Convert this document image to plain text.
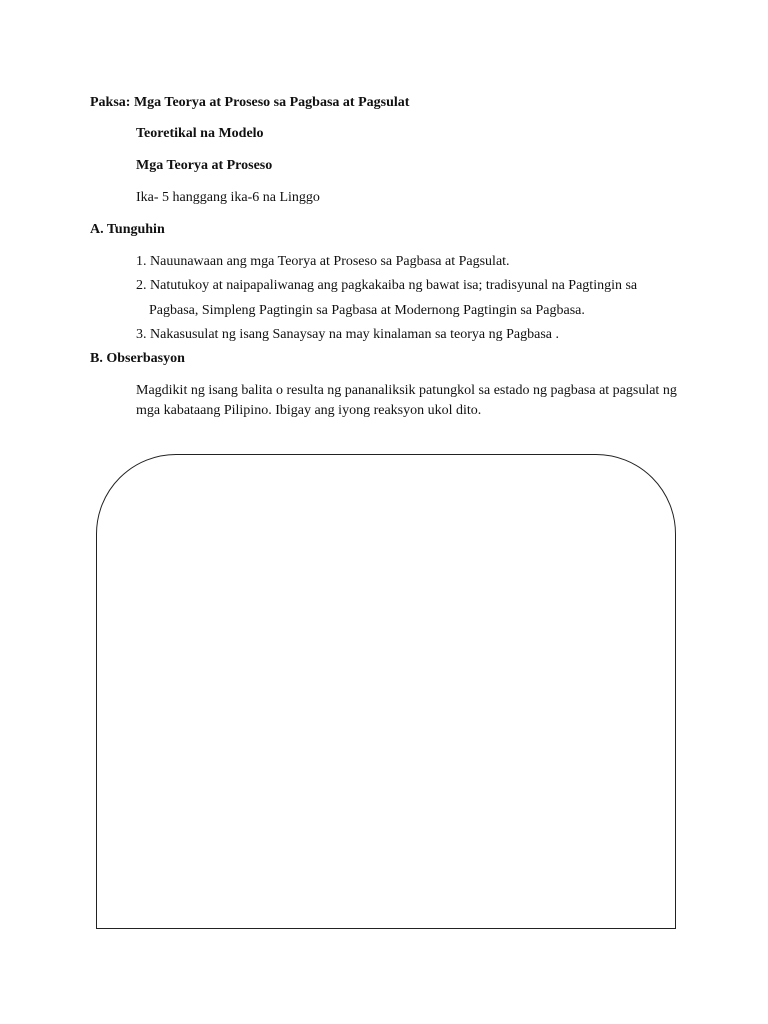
Paksa: Mga Teorya at Proseso sa Pagbasa at Pagsulat
Teoretikal na Modelo
Mga Teorya at Proseso
Ika- 5 hanggang ika-6 na Linggo
A. Tunguhin
1. Nauunawaan ang mga Teorya at Proseso sa Pagbasa at Pagsulat.
2. Natutukoy at naipapaliwanag ang pagkakaiba ng bawat isa; tradisyunal na Pagtingin sa
Pagbasa, Simpleng Pagtingin sa Pagbasa at Modernong Pagtingin sa Pagbasa.
3. Nakasusulat ng isang Sanaysay na may kinalaman sa teorya ng Pagbasa .
B. Obserbasyon
Magdikit ng isang balita o resulta ng pananaliksik patungkol sa estado ng pagbasa at pagsulat ng
mga kabataang Pilipino. Ibigay ang iyong reaksyon ukol dito.
